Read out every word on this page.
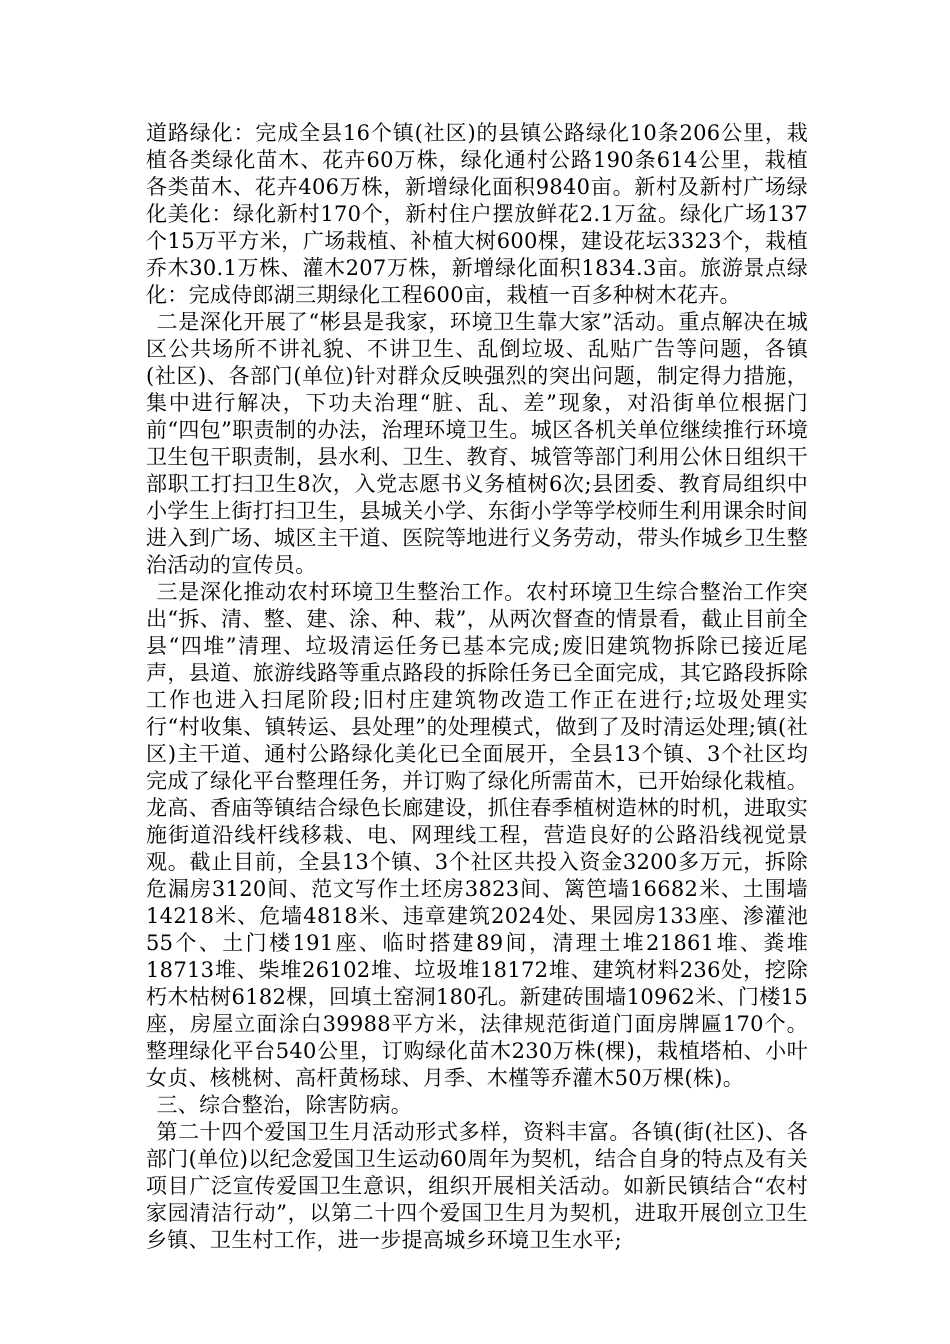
道路绿化：完成全县16个镇(社区)的县镇公路绿化10条206公里，栽植各类绿化苗木、花卉60万株，绿化通村公路190条614公里，栽植各类苗木、花卉406万株，新增绿化面积9840亩。新村及新村广场绿化美化：绿化新村170个，新村住户摆放鲜花2.1万盆。绿化广场137个15万平方米，广场栽植、补植大树600棵，建设花坛3323个，栽植乔木30.1万株、灌木207万株，新增绿化面积1834.3亩。旅游景点绿化：完成侍郎湖三期绿化工程600亩，栽植一百多种树木花卉。

二是深化开展了“彬县是我家，环境卫生靠大家”活动。重点解决在城区公共场所不讲礼貌、不讲卫生、乱倒垃圾、乱贴广告等问题，各镇(社区)、各部门(单位)针对群众反映强烈的突出问题，制定得力措施，集中进行解决，下功夫治理“脏、乱、差”现象，对沿街单位根据门前“四包”职责制的办法，治理环境卫生。城区各机关单位继续推行环境卫生包干职责制，县水利、卫生、教育、城管等部门利用公休日组织干部职工打扫卫生8次，入党志愿书义务植树6次;县团委、教育局组织中小学生上街打扫卫生，县城关小学、东街小学等学校师生利用课余时间进入到广场、城区主干道、医院等地进行义务劳动，带头作城乡卫生整治活动的宣传员。

三是深化推动农村环境卫生整治工作。农村环境卫生综合整治工作突出“拆、清、整、建、涂、种、栽”，从两次督查的情景看，截止目前全县“四堆”清理、垃圾清运任务已基本完成;废旧建筑物拆除已接近尾声，县道、旅游线路等重点路段的拆除任务已全面完成，其它路段拆除工作也进入扫尾阶段;旧村庄建筑物改造工作正在进行;垃圾处理实行“村收集、镇转运、县处理”的处理模式，做到了及时清运处理;镇(社区)主干道、通村公路绿化美化已全面展开，全县13个镇、3个社区均完成了绿化平台整理任务，并订购了绿化所需苗木，已开始绿化栽植。龙高、香庙等镇结合绿色长廊建设，抓住春季植树造林的时机，进取实施街道沿线杆线移栽、电、网理线工程，营造良好的公路沿线视觉景观。截止目前，全县13个镇、3个社区共投入资金3200多万元，拆除危漏房3120间、范文写作土坯房3823间、篱笆墙16682米、土围墙14218米、危墙4818米、违章建筑2024处、果园房133座、渗灌池55个、土门楼191座、临时搭建89间，清理土堆21861堆、粪堆18713堆、柴堆26102堆、垃圾堆18172堆、建筑材料236处，挖除朽木枯树6182棵，回填土窑洞180孔。新建砖围墙10962米、门楼15座，房屋立面涂白39988平方米，法律规范街道门面房牌匾170个。整理绿化平台540公里，订购绿化苗木230万株(棵)，栽植塔柏、小叶女贞、核桃树、高杆黄杨球、月季、木槿等乔灌木50万棵(株)。

三、综合整治，除害防病。

第二十四个爱国卫生月活动形式多样，资料丰富。各镇(街(社区)、各部门(单位)以纪念爱国卫生运动60周年为契机，结合自身的特点及有关项目广泛宣传爱国卫生意识，组织开展相关活动。如新民镇结合“农村家园清洁行动”，以第二十四个爱国卫生月为契机，进取开展创立卫生乡镇、卫生村工作，进一步提高城乡环境卫生水平;
